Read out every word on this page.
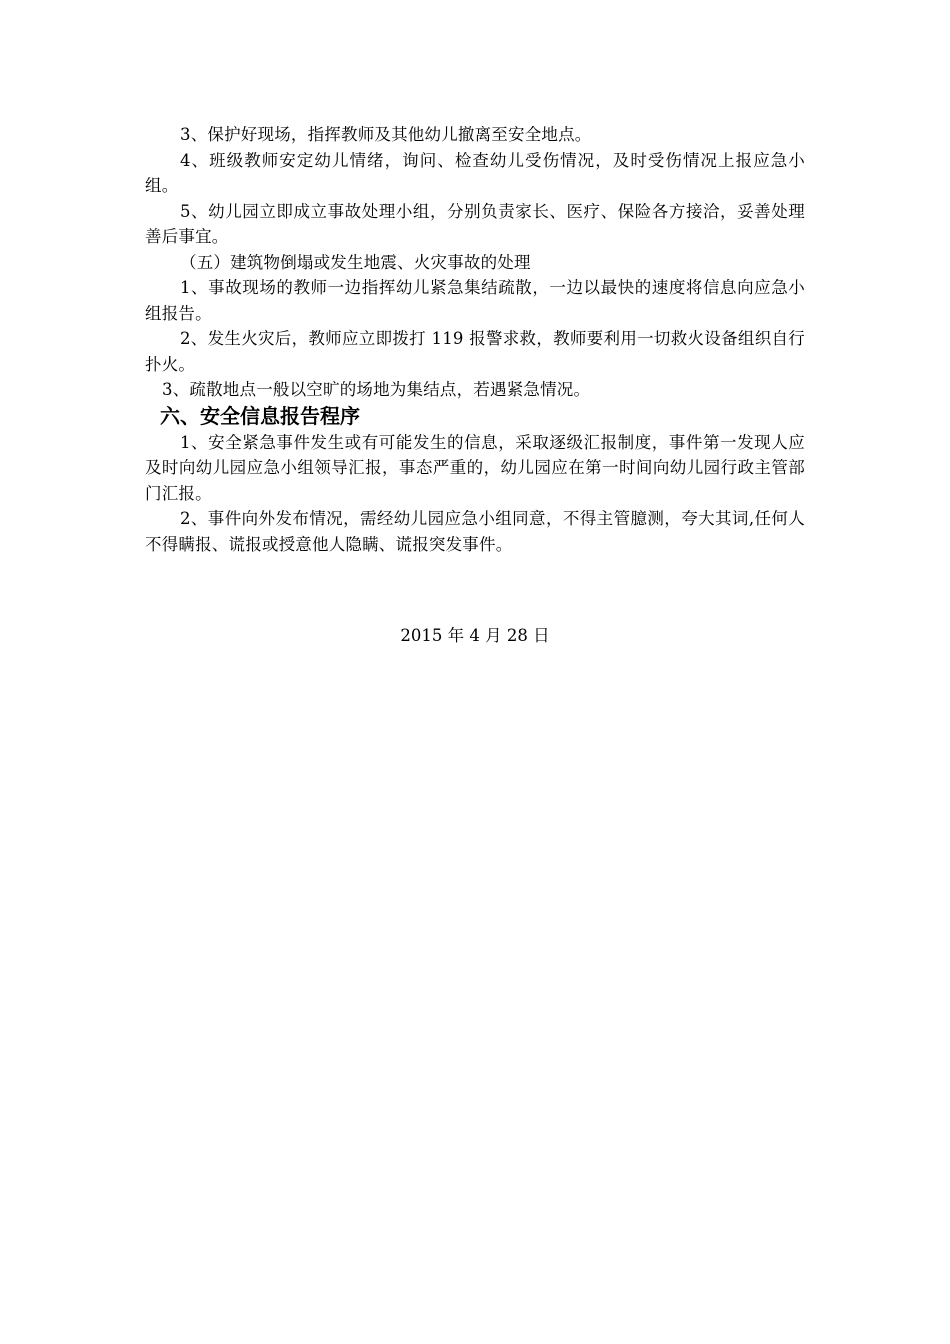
3、保护好现场，指挥教师及其他幼儿撤离至安全地点。

4、班级教师安定幼儿情绪，询问、检查幼儿受伤情况，及时受伤情况上报应急小组。

5、幼儿园立即成立事故处理小组，分别负责家长、医疗、保险各方接洽，妥善处理善后事宜。

（五）建筑物倒塌或发生地震、火灾事故的处理

1、事故现场的教师一边指挥幼儿紧急集结疏散，一边以最快的速度将信息向应急小组报告。

2、发生火灾后，教师应立即拨打 119 报警求救，教师要利用一切救火设备组织自行扑火。

3、疏散地点一般以空旷的场地为集结点，若遇紧急情况。

六、安全信息报告程序

1、安全紧急事件发生或有可能发生的信息，采取逐级汇报制度，事件第一发现人应及时向幼儿园应急小组领导汇报，事态严重的，幼儿园应在第一时间向幼儿园行政主管部门汇报。

2、事件向外发布情况，需经幼儿园应急小组同意，不得主管臆测，夸大其词,任何人不得瞒报、谎报或授意他人隐瞒、谎报突发事件。

2015 年 4 月 28 日
